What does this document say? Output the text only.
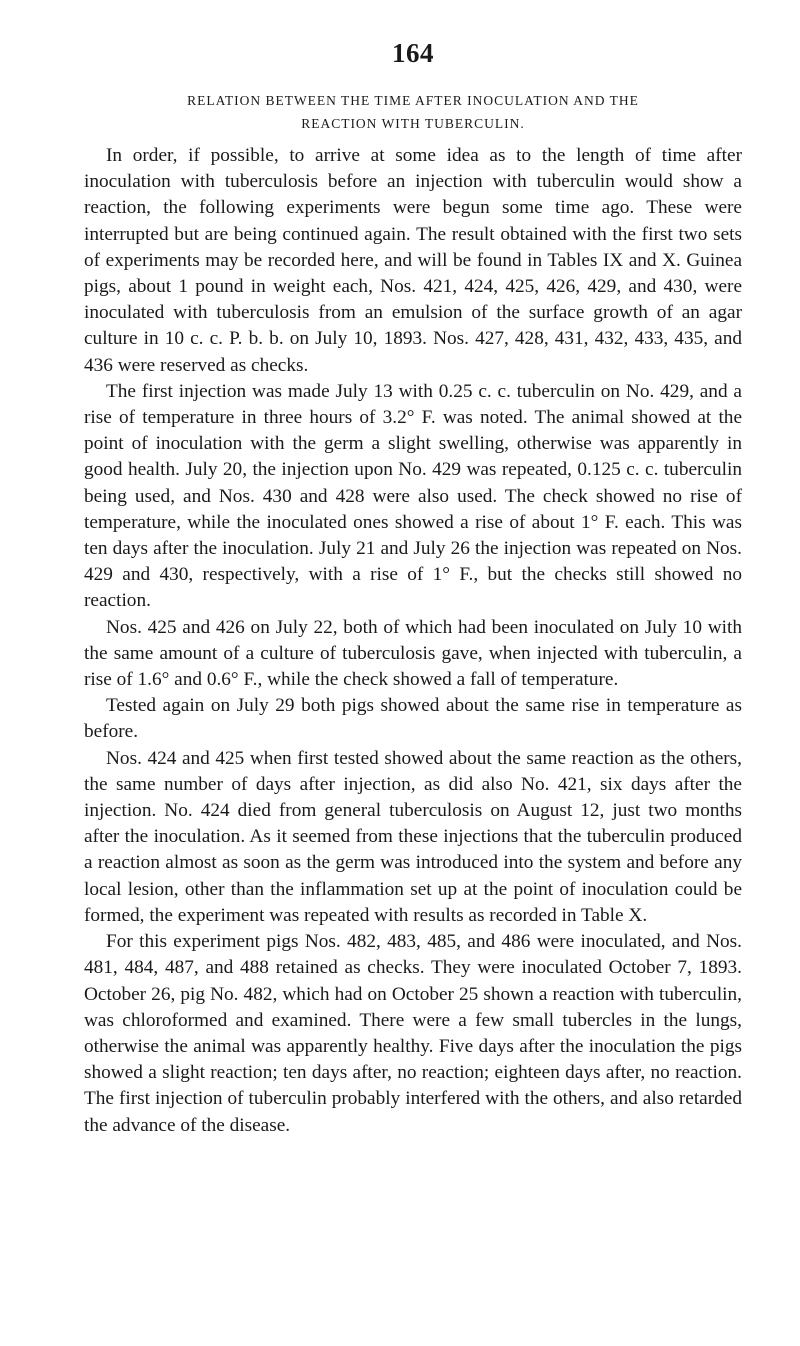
164
RELATION BETWEEN THE TIME AFTER INOCULATION AND THE
REACTION WITH TUBERCULIN.

In order, if possible, to arrive at some idea as to the length of time after inoculation with tuberculosis before an injection with tuberculin would show a reaction, the following experiments were begun some time ago. These were interrupted but are being continued again. The result obtained with the first two sets of experiments may be recorded here, and will be found in Tables IX and X. Guinea pigs, about 1 pound in weight each, Nos. 421, 424, 425, 426, 429, and 430, were inoculated with tuberculosis from an emulsion of the surface growth of an agar culture in 10 c. c. P. b. b. on July 10, 1893. Nos. 427, 428, 431, 432, 433, 435, and 436 were reserved as checks.

The first injection was made July 13 with 0.25 c. c. tuberculin on No. 429, and a rise of temperature in three hours of 3.2° F. was noted. The animal showed at the point of inoculation with the germ a slight swelling, otherwise was apparently in good health. July 20, the injection upon No. 429 was repeated, 0.125 c. c. tuberculin being used, and Nos. 430 and 428 were also used. The check showed no rise of temperature, while the inoculated ones showed a rise of about 1° F. each. This was ten days after the inoculation. July 21 and July 26 the injection was repeated on Nos. 429 and 430, respectively, with a rise of 1° F., but the checks still showed no reaction.

Nos. 425 and 426 on July 22, both of which had been inoculated on July 10 with the same amount of a culture of tuberculosis gave, when injected with tuberculin, a rise of 1.6° and 0.6° F., while the check showed a fall of temperature.

Tested again on July 29 both pigs showed about the same rise in temperature as before.

Nos. 424 and 425 when first tested showed about the same reaction as the others, the same number of days after injection, as did also No. 421, six days after the injection. No. 424 died from general tuberculosis on August 12, just two months after the inoculation. As it seemed from these injections that the tuberculin produced a reaction almost as soon as the germ was introduced into the system and before any local lesion, other than the inflammation set up at the point of inoculation could be formed, the experiment was repeated with results as recorded in Table X.

For this experiment pigs Nos. 482, 483, 485, and 486 were inoculated, and Nos. 481, 484, 487, and 488 retained as checks. They were inoculated October 7, 1893. October 26, pig No. 482, which had on October 25 shown a reaction with tuberculin, was chloroformed and examined. There were a few small tubercles in the lungs, otherwise the animal was apparently healthy. Five days after the inoculation the pigs showed a slight reaction; ten days after, no reaction; eighteen days after, no reaction. The first injection of tuberculin probably interfered with the others, and also retarded the advance of the disease.
